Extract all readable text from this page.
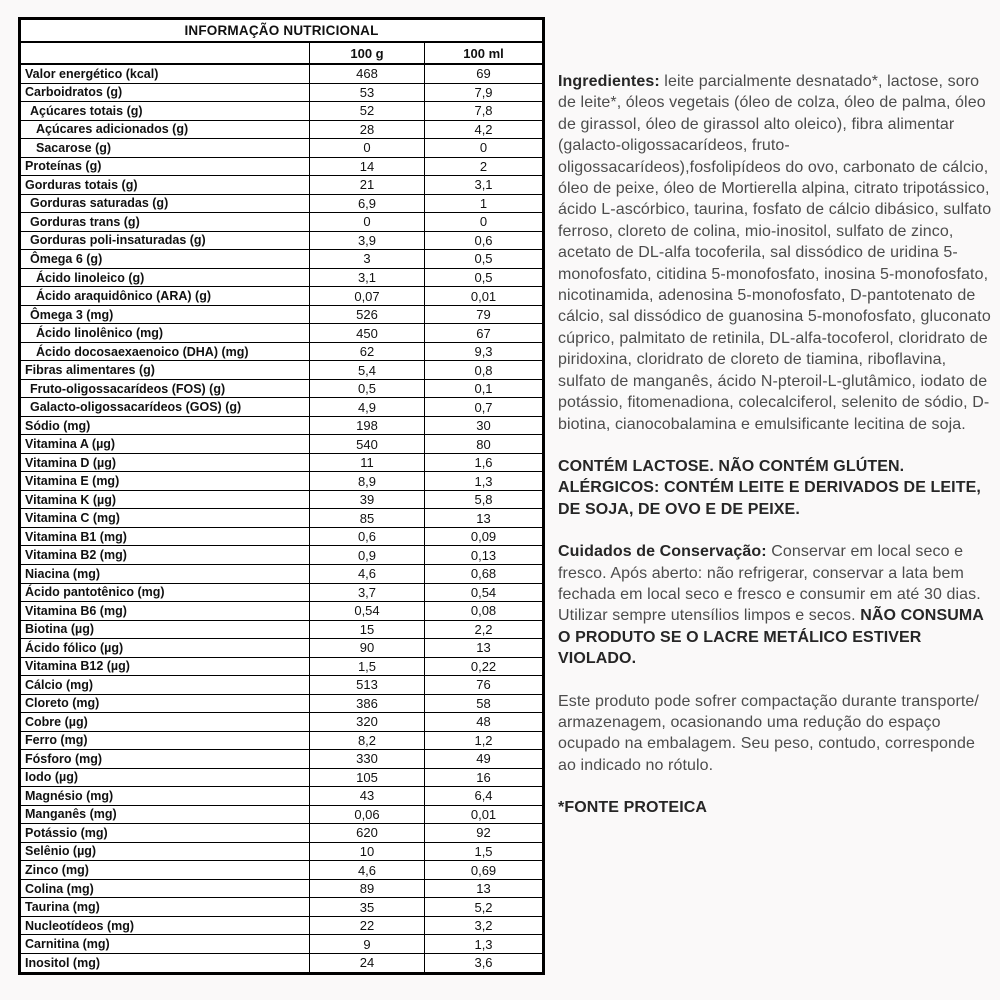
INFORMAÇÃO NUTRICIONAL		
	100 g	100 ml
Valor energético (kcal)	468	69
Carboidratos (g)	53	7,9
Açúcares totais (g)	52	7,8
Açúcares adicionados (g)	28	4,2
Sacarose (g)	0	0
Proteínas (g)	14	2
Gorduras totais (g)	21	3,1
Gorduras saturadas (g)	6,9	1
Gorduras trans (g)	0	0
Gorduras poli-insaturadas (g)	3,9	0,6
Ômega 6 (g)	3	0,5
Ácido linoleico (g)	3,1	0,5
Ácido araquidônico (ARA) (g)	0,07	0,01
Ômega 3 (mg)	526	79
Ácido linolênico (mg)	450	67
Ácido docosaexaenoico (DHA) (mg)	62	9,3
Fibras alimentares (g)	5,4	0,8
Fruto-oligossacarídeos (FOS) (g)	0,5	0,1
Galacto-oligossacarídeos (GOS) (g)	4,9	0,7
Sódio (mg)	198	30
Vitamina A (µg)	540	80
Vitamina D (µg)	11	1,6
Vitamina E (mg)	8,9	1,3
Vitamina K (µg)	39	5,8
Vitamina C (mg)	85	13
Vitamina B1 (mg)	0,6	0,09
Vitamina B2 (mg)	0,9	0,13
Niacina (mg)	4,6	0,68
Ácido pantotênico (mg)	3,7	0,54
Vitamina B6 (mg)	0,54	0,08
Biotina (µg)	15	2,2
Ácido fólico (µg)	90	13
Vitamina B12 (µg)	1,5	0,22
Cálcio (mg)	513	76
Cloreto (mg)	386	58
Cobre (µg)	320	48
Ferro (mg)	8,2	1,2
Fósforo (mg)	330	49
Iodo (µg)	105	16
Magnésio (mg)	43	6,4
Manganês (mg)	0,06	0,01
Potássio (mg)	620	92
Selênio (µg)	10	1,5
Zinco (mg)	4,6	0,69
Colina (mg)	89	13
Taurina (mg)	35	5,2
Nucleotídeos (mg)	22	3,2
Carnitina (mg)	9	1,3
Inositol (mg)	24	3,6

Ingredientes: leite parcialmente desnatado*, lactose, soro de leite*, óleos vegetais (óleo de colza, óleo de palma, óleo de girassol, óleo de girassol alto oleico), fibra alimentar (galacto-oligossacarídeos, fruto-oligossacarídeos),fosfolipídeos do ovo, carbonato de cálcio, óleo de peixe, óleo de Mortierella alpina, citrato tripotássico, ácido L-ascórbico, taurina, fosfato de cálcio dibásico, sulfato ferroso, cloreto de colina, mio-inositol, sulfato de zinco, acetato de DL-alfa tocoferila, sal dissódico de uridina 5-monofosfato, citidina 5-monofosfato, inosina 5-monofosfato, nicotinamida, adenosina 5-monofosfato, D-pantotenato de cálcio, sal dissódico de guanosina 5-monofosfato, gluconato cúprico, palmitato de retinila, DL-alfa-tocoferol, cloridrato de piridoxina, cloridrato de cloreto de tiamina, riboflavina, sulfato de manganês, ácido N-pteroil-L-glutâmico, iodato de potássio, fitomenadiona, colecalciferol, selenito de sódio, D-biotina, cianocobalamina e emulsificante lecitina de soja.

CONTÉM LACTOSE. NÃO CONTÉM GLÚTEN. ALÉRGICOS: CONTÉM LEITE E DERIVADOS DE LEITE, DE SOJA, DE OVO E DE PEIXE.

Cuidados de Conservação: Conservar em local seco e fresco. Após aberto: não refrigerar, conservar a lata bem fechada em local seco e fresco e consumir em até 30 dias. Utilizar sempre utensílios limpos e secos. NÃO CONSUMA O PRODUTO SE O LACRE METÁLICO ESTIVER VIOLADO.

Este produto pode sofrer compactação durante transporte/ armazenagem, ocasionando uma redução do espaço ocupado na embalagem. Seu peso, contudo, corresponde ao indicado no rótulo.

*FONTE PROTEICA
